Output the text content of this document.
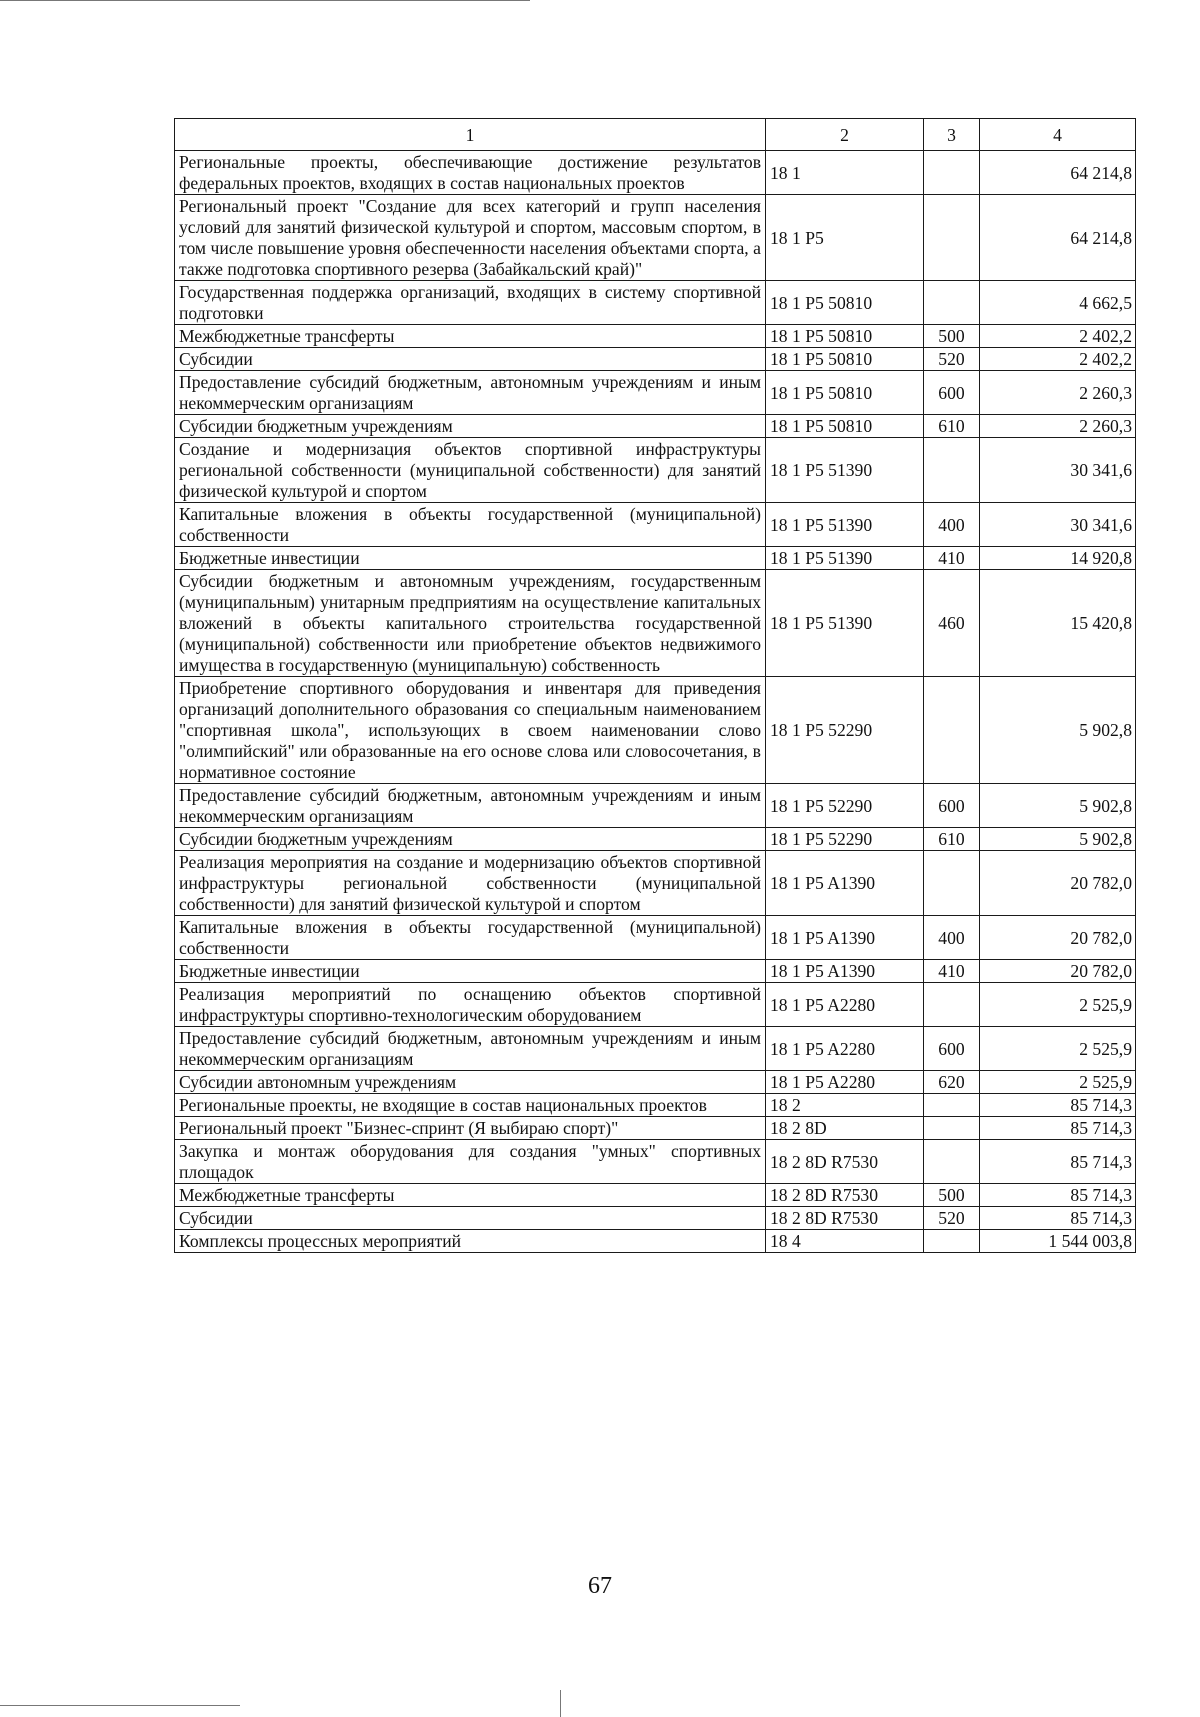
1	2	3	4
Региональные проекты, обеспечивающие достижение результатов федеральных проектов, входящих в состав национальных проектов	18 1		64 214,8
Региональный проект "Создание для всех категорий и групп населения условий для занятий физической культурой и спортом, массовым спортом, в том числе повышение уровня обеспеченности населения объектами спорта, а также подготовка спортивного резерва (Забайкальский край)"	18 1 P5		64 214,8
Государственная поддержка организаций, входящих в систему спортивной подготовки	18 1 P5 50810		4 662,5
Межбюджетные трансферты	18 1 P5 50810	500	2 402,2
Субсидии	18 1 P5 50810	520	2 402,2
Предоставление субсидий бюджетным, автономным учреждениям и иным некоммерческим организациям	18 1 P5 50810	600	2 260,3
Субсидии бюджетным учреждениям	18 1 P5 50810	610	2 260,3
Создание и модернизация объектов спортивной инфраструктуры региональной собственности (муниципальной собственности) для занятий физической культурой и спортом	18 1 P5 51390		30 341,6
Капитальные вложения в объекты государственной (муниципальной) собственности	18 1 P5 51390	400	30 341,6
Бюджетные инвестиции	18 1 P5 51390	410	14 920,8
Субсидии бюджетным и автономным учреждениям, государственным (муниципальным) унитарным предприятиям на осуществление капитальных вложений в объекты капитального строительства государственной (муниципальной) собственности или приобретение объектов недвижимого имущества в государственную (муниципальную) собственность	18 1 P5 51390	460	15 420,8
Приобретение спортивного оборудования и инвентаря для приведения организаций дополнительного образования со специальным наименованием "спортивная школа", использующих в своем наименовании слово "олимпийский" или образованные на его основе слова или словосочетания, в нормативное состояние	18 1 P5 52290		5 902,8
Предоставление субсидий бюджетным, автономным учреждениям и иным некоммерческим организациям	18 1 P5 52290	600	5 902,8
Субсидии бюджетным учреждениям	18 1 P5 52290	610	5 902,8
Реализация мероприятия на создание и модернизацию объектов спортивной инфраструктуры региональной собственности (муниципальной собственности) для занятий физической культурой и спортом	18 1 P5 A1390		20 782,0
Капитальные вложения в объекты государственной (муниципальной) собственности	18 1 P5 A1390	400	20 782,0
Бюджетные инвестиции	18 1 P5 A1390	410	20 782,0
Реализация мероприятий по оснащению объектов спортивной инфраструктуры спортивно-технологическим оборудованием	18 1 P5 A2280		2 525,9
Предоставление субсидий бюджетным, автономным учреждениям и иным некоммерческим организациям	18 1 P5 A2280	600	2 525,9
Субсидии автономным учреждениям	18 1 P5 A2280	620	2 525,9
Региональные проекты, не входящие в состав национальных проектов	18 2		85 714,3
Региональный проект "Бизнес-спринт (Я выбираю спорт)"	18 2 8D		85 714,3
Закупка и монтаж оборудования для создания "умных" спортивных площадок	18 2 8D R7530		85 714,3
Межбюджетные трансферты	18 2 8D R7530	500	85 714,3
Субсидии	18 2 8D R7530	520	85 714,3
Комплексы процессных мероприятий	18 4		1 544 003,8
67
